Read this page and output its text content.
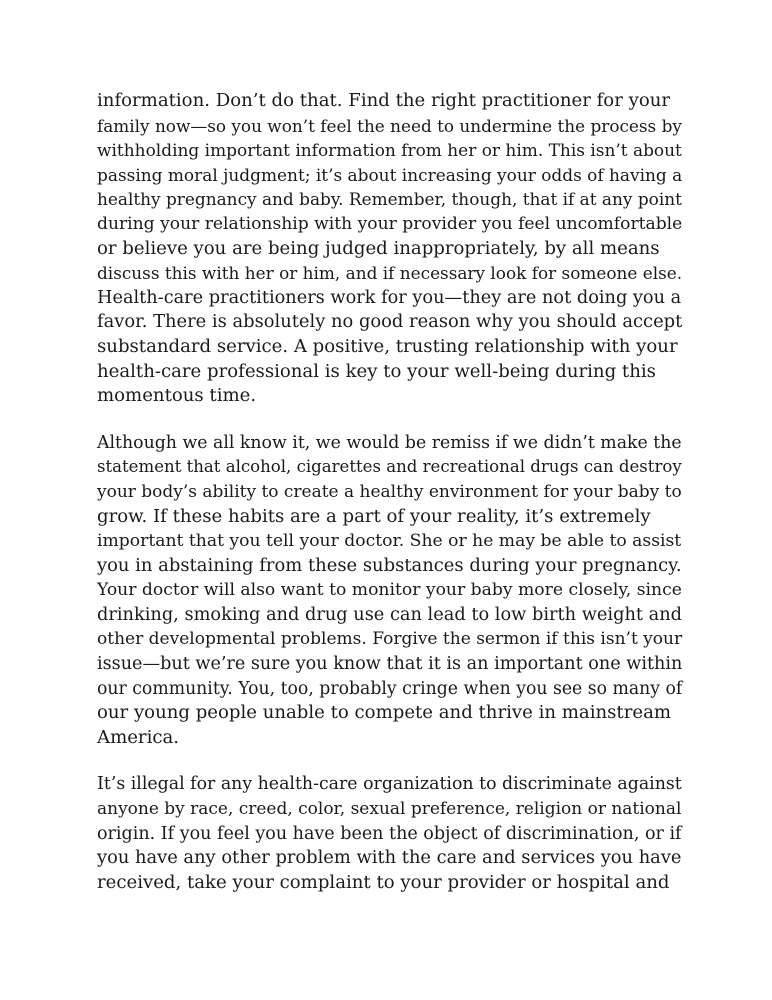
information. Don’t do that. Find the right practitioner for your
family now—so you won’t feel the need to undermine the process by
withholding important information from her or him. This isn’t about
passing moral judgment; it’s about increasing your odds of having a
healthy pregnancy and baby. Remember, though, that if at any point
during your relationship with your provider you feel uncomfortable
or believe you are being judged inappropriately, by all means
discuss this with her or him, and if necessary look for someone else.
Health-care practitioners work for you—they are not doing you a
favor. There is absolutely no good reason why you should accept
substandard service. A positive, trusting relationship with your
health-care professional is key to your well-being during this
momentous time.

Although we all know it, we would be remiss if we didn’t make the
statement that alcohol, cigarettes and recreational drugs can destroy
your body’s ability to create a healthy environment for your baby to
grow. If these habits are a part of your reality, it’s extremely
important that you tell your doctor. She or he may be able to assist
you in abstaining from these substances during your pregnancy.
Your doctor will also want to monitor your baby more closely, since
drinking, smoking and drug use can lead to low birth weight and
other developmental problems. Forgive the sermon if this isn’t your
issue—but we’re sure you know that it is an important one within
our community. You, too, probably cringe when you see so many of
our young people unable to compete and thrive in mainstream
America.

It’s illegal for any health-care organization to discriminate against
anyone by race, creed, color, sexual preference, religion or national
origin. If you feel you have been the object of discrimination, or if
you have any other problem with the care and services you have
received, take your complaint to your provider or hospital and
